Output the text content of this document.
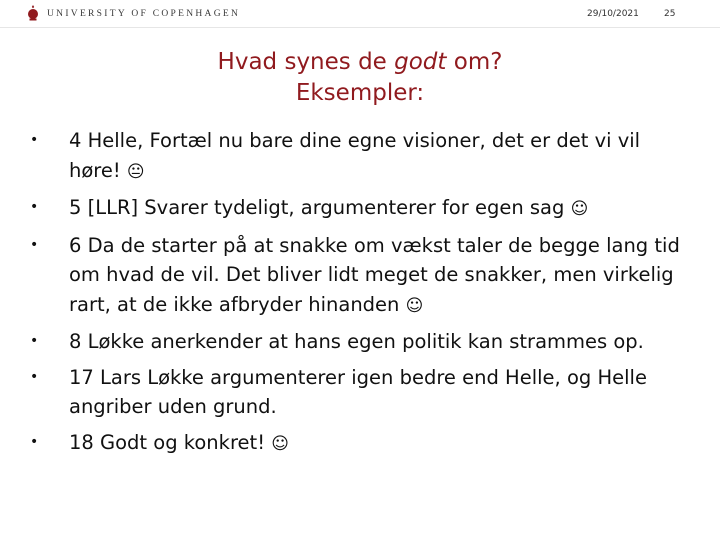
UNIVERSITY OF COPENHAGEN	29/10/2021	25
Hvad synes de godt om?
Eksempler:
• 4 Helle, Fortæl nu bare dine egne visioner, det er det vi vil høre! 😐
• 5 [LLR] Svarer tydeligt, argumenterer for egen sag ☺
• 6 Da de starter på at snakke om vækst taler de begge lang tid om hvad de vil. Det bliver lidt meget de snakker, men virkelig rart, at de ikke afbryder hinanden ☺
• 8 Løkke anerkender at hans egen politik kan strammes op.
• 17 Lars Løkke argumenterer igen bedre end Helle, og Helle angriber uden grund.
• 18 Godt og konkret! ☺
